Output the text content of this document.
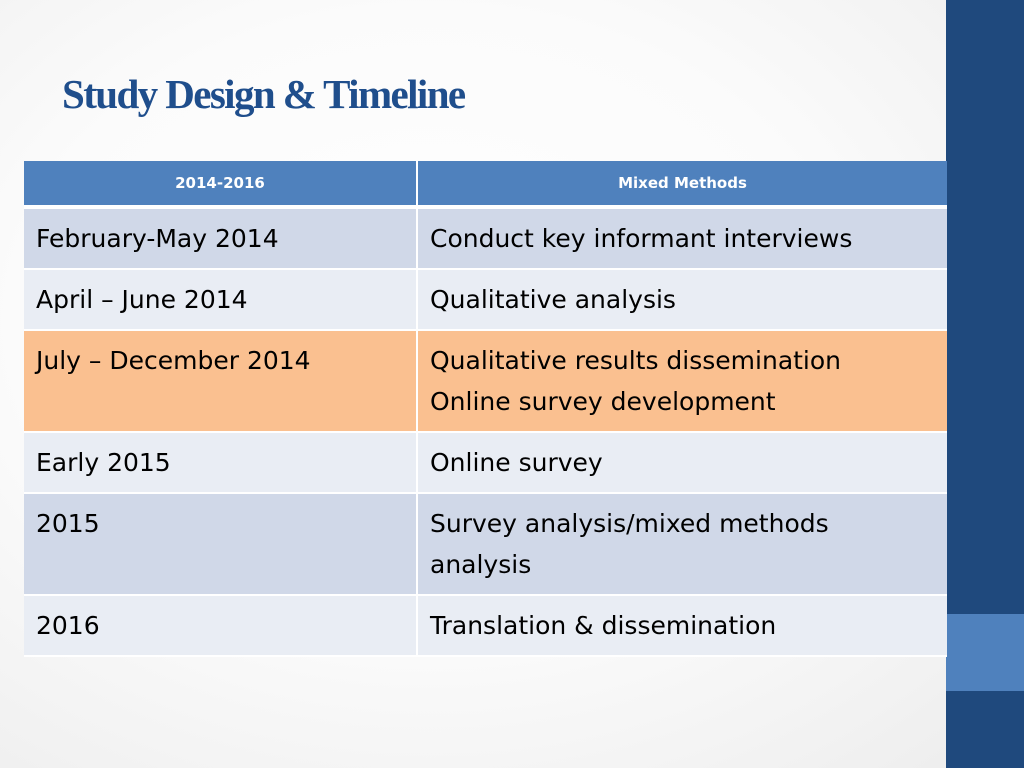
Study Design & Timeline
2014-2016	Mixed Methods

February-May 2014	Conduct key informant interviews

April – June 2014	Qualitative analysis

July – December 2014	Qualitative results dissemination
Online survey development

Early 2015	Online survey

2015	Survey analysis/mixed methods
analysis

2016	Translation & dissemination
